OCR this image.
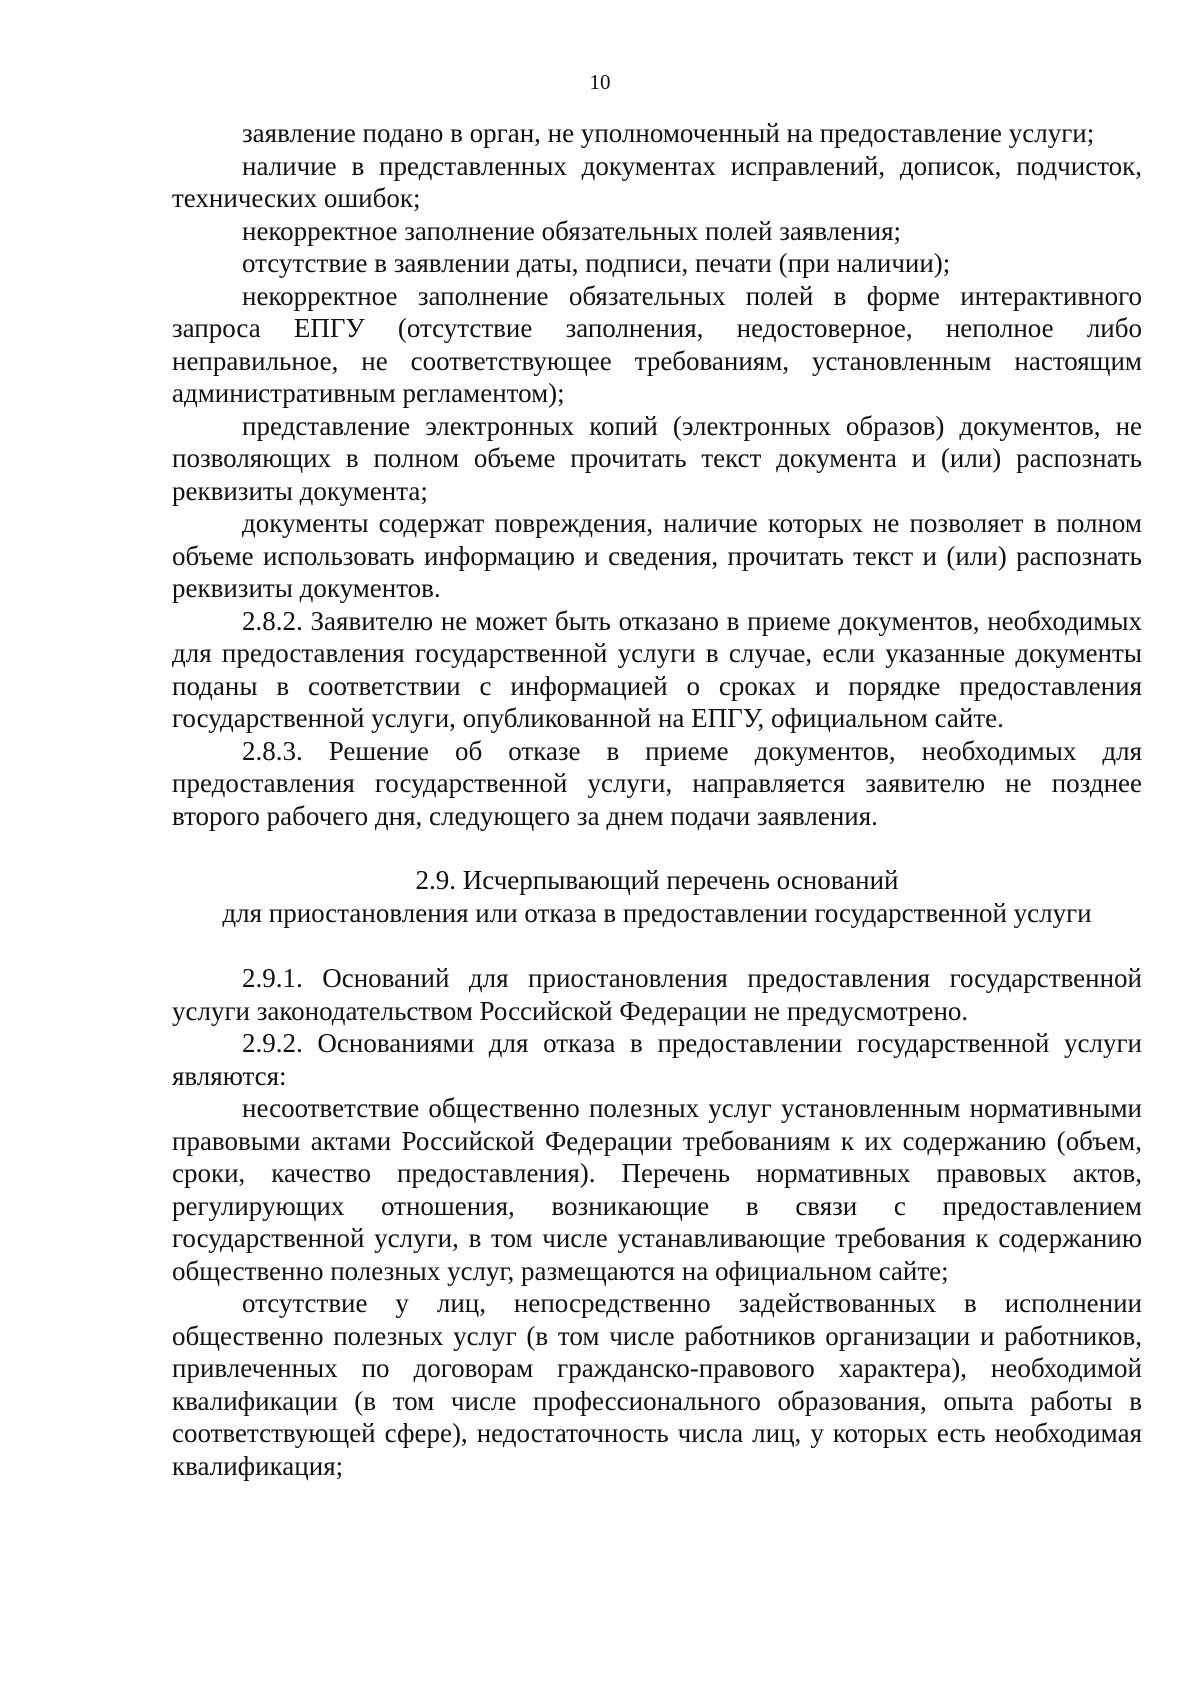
10

заявление подано в орган, не уполномоченный на предоставление услуги;

наличие в представленных документах исправлений, дописок, подчисток, технических ошибок;

некорректное заполнение обязательных полей заявления;

отсутствие в заявлении даты, подписи, печати (при наличии);

некорректное заполнение обязательных полей в форме интерактивного запроса ЕПГУ (отсутствие заполнения, недостоверное, неполное либо неправильное, не соответствующее требованиям, установленным настоящим административным регламентом);

представление электронных копий (электронных образов) документов, не позволяющих в полном объеме прочитать текст документа и (или) распознать реквизиты документа;

документы содержат повреждения, наличие которых не позволяет в полном объеме использовать информацию и сведения, прочитать текст и (или) распознать реквизиты документов.

2.8.2. Заявителю не может быть отказано в приеме документов, необходимых для предоставления государственной услуги в случае, если указанные документы поданы в соответствии с информацией о сроках и порядке предоставления государственной услуги, опубликованной на ЕПГУ, официальном сайте.

2.8.3. Решение об отказе в приеме документов, необходимых для предоставления государственной услуги, направляется заявителю не позднее второго рабочего дня, следующего за днем подачи заявления.

2.9. Исчерпывающий перечень оснований
для приостановления или отказа в предоставлении государственной услуги

2.9.1. Оснований для приостановления предоставления государственной услуги законодательством Российской Федерации не предусмотрено.

2.9.2. Основаниями для отказа в предоставлении государственной услуги являются:

несоответствие общественно полезных услуг установленным нормативными правовыми актами Российской Федерации требованиям к их содержанию (объем, сроки, качество предоставления). Перечень нормативных правовых актов, регулирующих отношения, возникающие в связи с предоставлением государственной услуги, в том числе устанавливающие требования к содержанию общественно полезных услуг, размещаются на официальном сайте;

отсутствие у лиц, непосредственно задействованных в исполнении общественно полезных услуг (в том числе работников организации и работников, привлеченных по договорам гражданско-правового характера), необходимой квалификации (в том числе профессионального образования, опыта работы в соответствующей сфере), недостаточность числа лиц, у которых есть необходимая квалификация;
